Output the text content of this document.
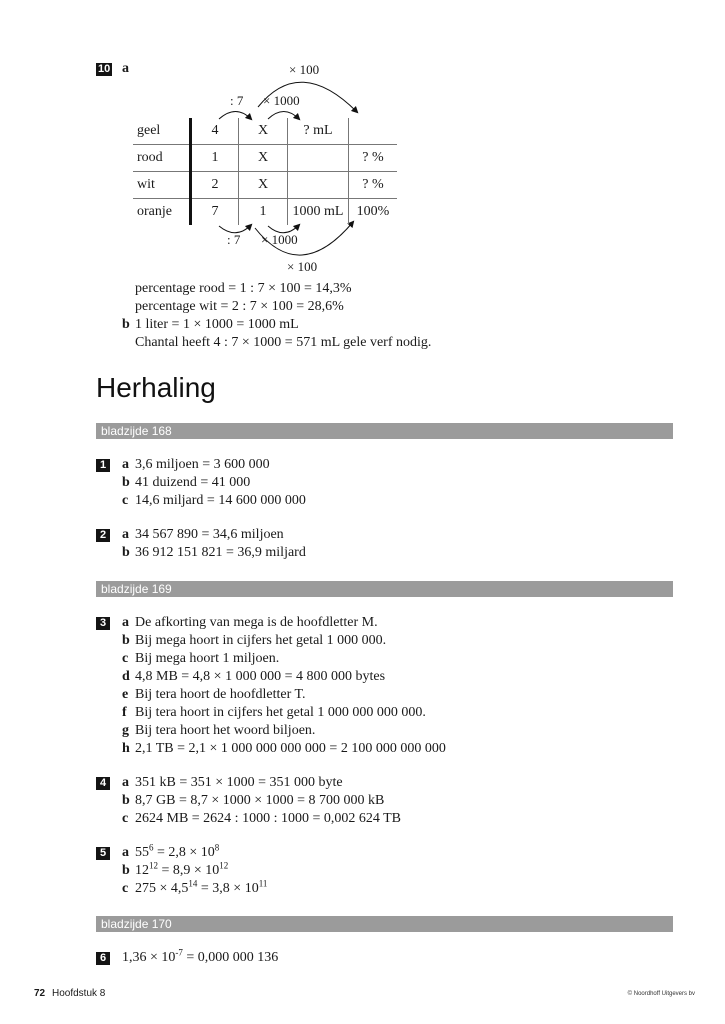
10 a
: 7 × 1000
× 100
: 7 × 1000
× 100
geel	4	X	? mL	
rood	1	X		? %
wit	2	X		? %
oranje	7	1	1000 mL	100%
percentage rood = 1 : 7 × 100 = 14,3%
percentage wit = 2 : 7 × 100 = 28,6%
b 1 liter = 1 × 1000 = 1000 mL
Chantal heeft 4 : 7 × 1000 = 571 mL gele verf nodig.
Herhaling
bladzijde 168
1 a 3,6 miljoen = 3 600 000
b 41 duizend = 41 000
c 14,6 miljard = 14 600 000 000
2 a 34 567 890 = 34,6 miljoen
b 36 912 151 821 = 36,9 miljard
bladzijde 169
3 a De afkorting van mega is de hoofdletter M.
b Bij mega hoort in cijfers het getal 1 000 000.
c Bij mega hoort 1 miljoen.
d 4,8 MB = 4,8 × 1 000 000 = 4 800 000 bytes
e Bij tera hoort de hoofdletter T.
f Bij tera hoort in cijfers het getal 1 000 000 000 000.
g Bij tera hoort het woord biljoen.
h 2,1 TB = 2,1 × 1 000 000 000 000 = 2 100 000 000 000
4 a 351 kB = 351 × 1000 = 351 000 byte
b 8,7 GB = 8,7 × 1000 × 1000 = 8 700 000 kB
c 2624 MB = 2624 : 1000 : 1000 = 0,002 624 TB
5 a $55^6 = 2,8 \times 10^8$
b $12^{12} = 8,9 \times 10^{12}$
c $275 \times 4,5^{14} = 3,8 \times 10^{11}$
bladzijde 170
6 $1,36 \times 10^{-7} = 0,000$ 000 136
72 Hoofdstuk 8	© Noordhoff Uitgevers bv
